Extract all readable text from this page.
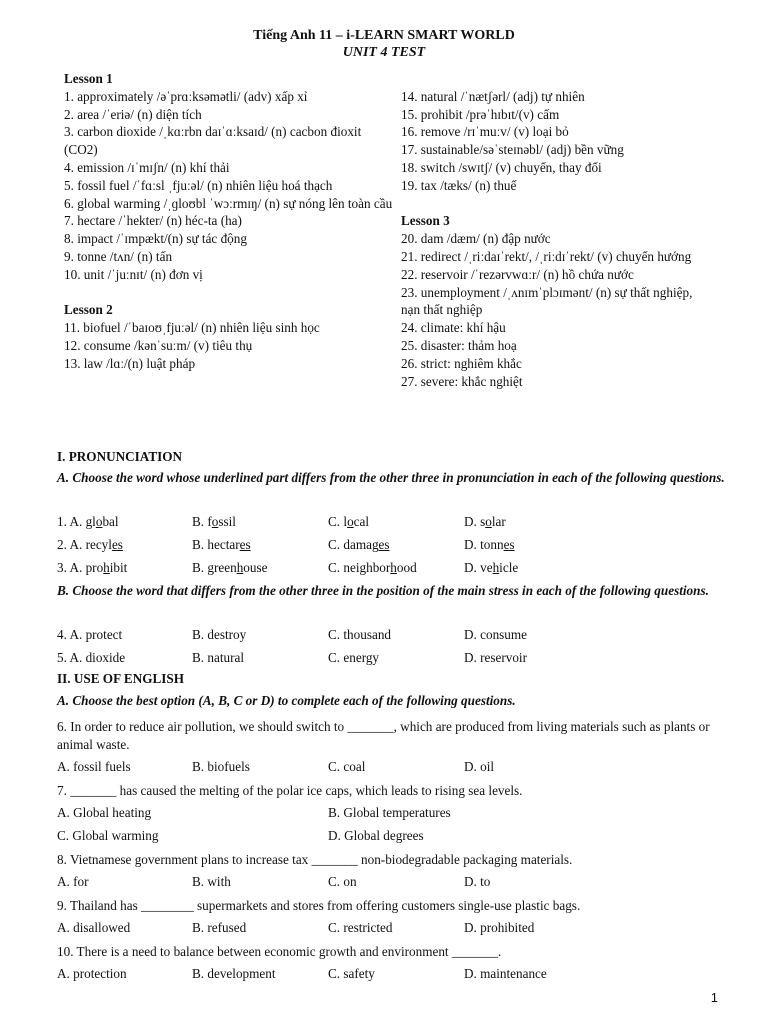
Tiếng Anh 11 – i-LEARN SMART WORLD
UNIT 4 TEST
Lesson 1
1. approximately /əˈprɑːksəmətli/ (adv) xấp xỉ
2. area /ˈeriə/ (n) diện tích
3. carbon dioxide /ˌkɑːrbn daɪˈɑːksaɪd/ (n) cacbon đioxit (CO2)
4. emission /ɪˈmɪʃn/ (n) khí thải
5. fossil fuel /ˈfɑːsl ˌfjuːəl/ (n) nhiên liệu hoá thạch
6. global warming /ˌɡloʊbl ˈwɔːrmɪŋ/ (n) sự nóng lên toàn cầu
7. hectare /ˈhekter/ (n) héc-ta (ha)
8. impact /ˈɪmpækt/(n) sự tác động
9. tonne /tʌn/ (n) tấn
10. unit /ˈjuːnɪt/ (n) đơn vị
Lesson 2
11. biofuel /ˈbaɪoʊˌfjuːəl/ (n) nhiên liệu sinh học
12. consume /kənˈsuːm/ (v) tiêu thụ
13. law /lɑː/(n) luật pháp
14. natural /ˈnætʃərl/ (adj) tự nhiên
15. prohibit /prəˈhɪbɪt/(v) cấm
16. remove /rɪˈmuːv/ (v) loại bỏ
17. sustainable/səˈsteɪnəbl/ (adj) bền vững
18. switch /swɪtʃ/ (v) chuyển, thay đổi
19. tax /tæks/ (n) thuế
Lesson 3
20. dam /dæm/ (n) đập nước
21. redirect /ˌriːdaɪˈrekt/, /ˌriːdɪˈrekt/ (v) chuyển hướng
22. reservoir /ˈrezərvwɑːr/ (n) hồ chứa nước
23. unemployment /ˌʌnɪmˈplɔɪmənt/ (n) sự thất nghiệp, nạn thất nghiệp
24. climate: khí hậu
25. disaster: thảm hoạ
26. strict: nghiêm khắc
27. severe: khắc nghiệt
I. PRONUNCIATION
A. Choose the word whose underlined part differs from the other three in pronunciation in each of the following questions.
1. A. global	B. fossil	C. local	D. solar
2. A. recyles	B. hectares	C. damages	D. tonnes
3. A. prohibit	B. greenhouse	C. neighborhood	D. vehicle
B. Choose the word that differs from the other three in the position of the main stress in each of the following questions.
4. A. protect	B. destroy	C. thousand	D. consume
5. A. dioxide	B. natural	C. energy	D. reservoir
II. USE OF ENGLISH
A. Choose the best option (A, B, C or D) to complete each of the following questions.
6. In order to reduce air pollution, we should switch to _______, which are produced from living materials such as plants or animal waste.
A. fossil fuels	B. biofuels	C. coal	D. oil
7. _______ has caused the melting of the polar ice caps, which leads to rising sea levels.
A. Global heating	B. Global temperatures
C. Global warming	D. Global degrees
8. Vietnamese government plans to increase tax _______ non-biodegradable packaging materials.
A. for	B. with	C. on	D. to
9. Thailand has ________ supermarkets and stores from offering customers single-use plastic bags.
A. disallowed	B. refused	C. restricted	D. prohibited
10. There is a need to balance between economic growth and environment _______.
A. protection	B. development	C. safety	D. maintenance
1
